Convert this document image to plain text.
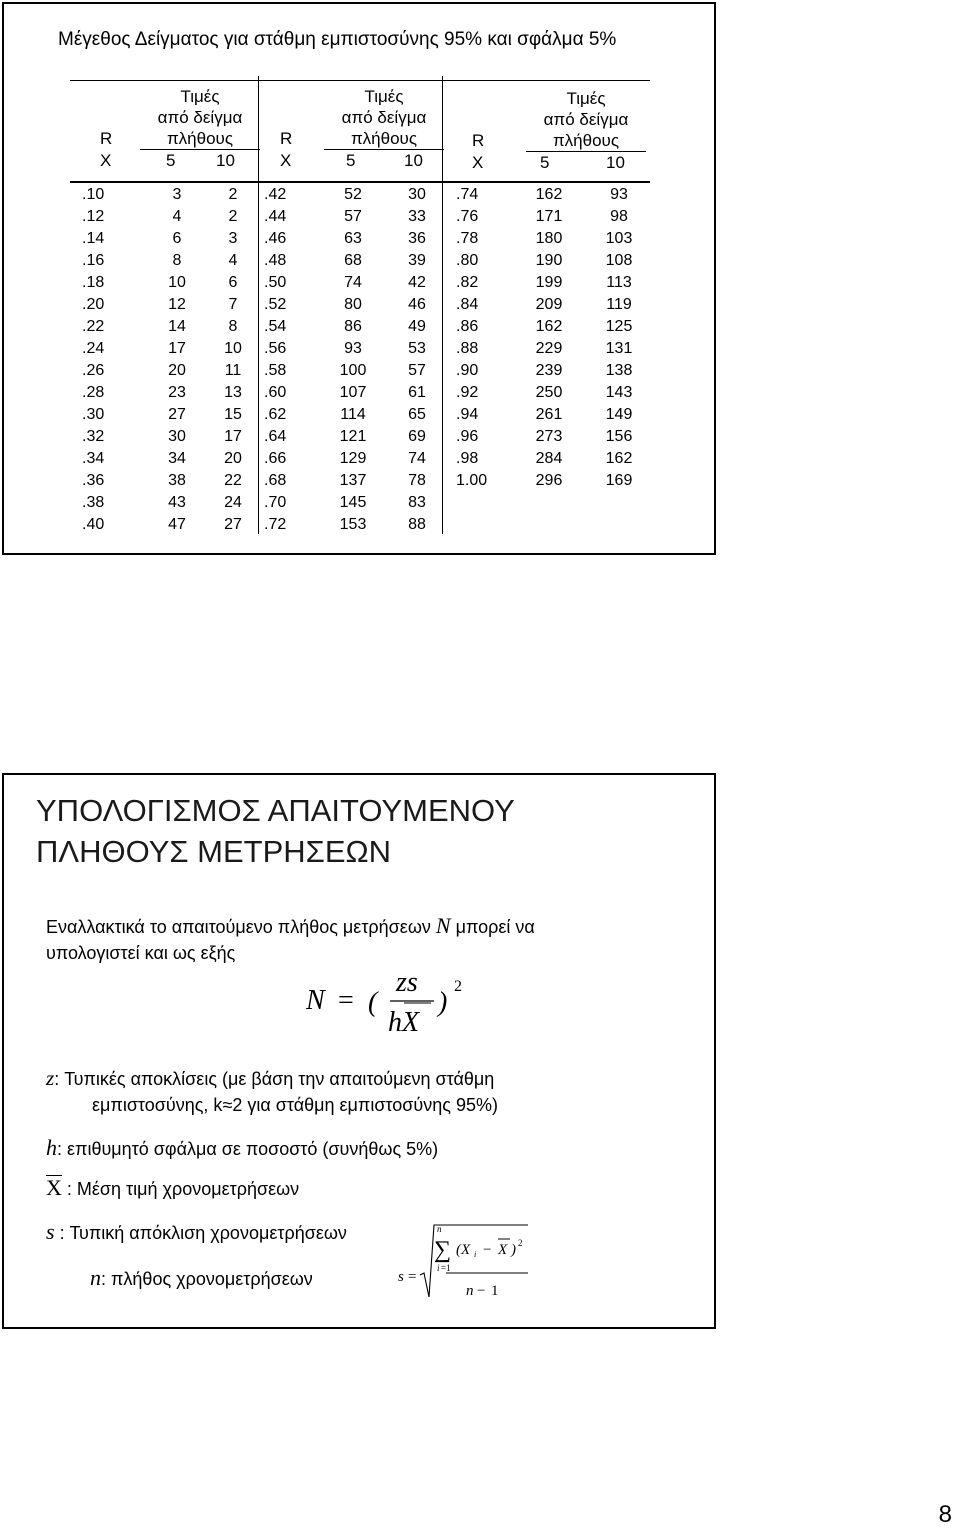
Μέγεθος Δείγματος για στάθμη εμπιστοσύνης 95% και σφάλμα 5%
Τιμές
από δείγμα
πλήθους
R
X	5 10
Τιμές
από δείγμα
πλήθους
R
X	5	10
Τιμές
από δείγμα
πλήθους
R
X	5	10
.10	3	2
.12	4	2
.14	6	3
.16	8	4
.18	10	6
.20	12	7
.22	14	8
.24	17	10
.26	20	11
.28	23	13
.30	27	15
.32	30	17
.34	34	20
.36	38	22
.38	43	24
.40	47	27
.42	52	30
.44	57	33
.46	63	36
.48	68	39
.50	74	42
.52	80	46
.54	86	49
.56	93	53
.58	100	57
.60	107	61
.62	114	65
.64	121	69
.66	129	74
.68	137	78
.70	145	83
.72	153	88
.74	162	93
.76	171	98
.78	180	103
.80	190	108
.82	199	113
.84	209	119
.86	162	125
.88	229	131
.90	239	138
.92	250	143
.94	261	149
.96	273	156
.98	284	162
1.00	296	169
ΥΠΟΛΟΓΙΣΜΟΣ ΑΠΑΙΤΟΥΜΕΝΟΥ
ΠΛΗΘΟΥΣ ΜΕΤΡΗΣΕΩΝ
Εναλλακτικά το απαιτούμενο πλήθος μετρήσεων N μπορεί να
υπολογιστεί και ως εξής
N = (
zs
hX
)
2
z: Τυπικές αποκλίσεις (με βάση την απαιτούμενη στάθμη
εμπιστοσύνης, k≈2 για στάθμη εμπιστοσύνης 95%)
h: επιθυμητό σφάλμα σε ποσοστό (συνήθως 5%)
X : Μέση τιμή χρονομετρήσεων
s : Τυπική απόκλιση χρονομετρήσεων
n: πλήθος χρονομετρήσεων	s =
n
∑
i =1
(X i − X ) 2
n − 1
8
